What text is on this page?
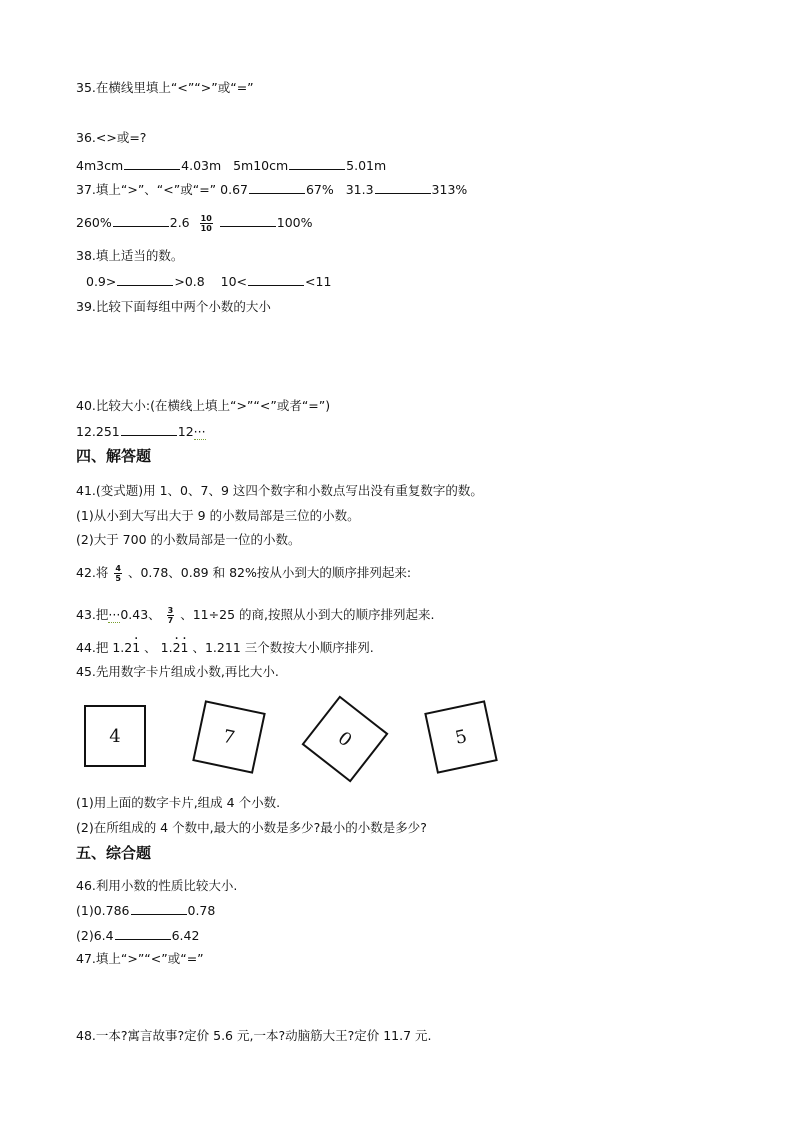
35.在横线里填上“<”“>”或“=”
36.<>或=?
4m3cm	4.03m 5m10cm	5.01m
37.填上“>”、“<”或“=” 0.67	67% 31.3	313%
260%	$2.6 \frac{10}{10}$	100%
38.填上适当的数。
0.9>	>0.8 10<	<11
39.比较下面每组中两个小数的大小
40.比较大小:(在横线上填上“>”“<”或者“=”)
12.251	12···
四、解答题
41.(变式题)用 1、0、7、9 这四个数字和小数点写出没有重复数字的数。
(1)从小到大写出大于 9 的小数局部是三位的小数。
(2)大于 700 的小数局部是一位的小数。
42.将 $\frac{4}{5}$ 、0.78、0.89 和 82%按从小到大的顺序排列起来:
43.把···0.43、 $\frac{3}{7}$ 、11÷25 的商,按照从小到大的顺序排列起来.
44.把 1.21 · 、 1.2 ·1 · 、1.211 三个数按大小顺序排列.
45.先用数字卡片组成小数,再比大小.
4	7	0	5
(1)用上面的数字卡片,组成 4 个小数.
(2)在所组成的 4 个数中,最大的小数是多少?最小的小数是多少?
五、综合题
46.利用小数的性质比较大小.
(1)0.786	0.78
(2)6.4	6.42
47.填上“>”“<”或“=”
48.一本?寓言故事?定价 5.6 元,一本?动脑筋大王?定价 11.7 元.
